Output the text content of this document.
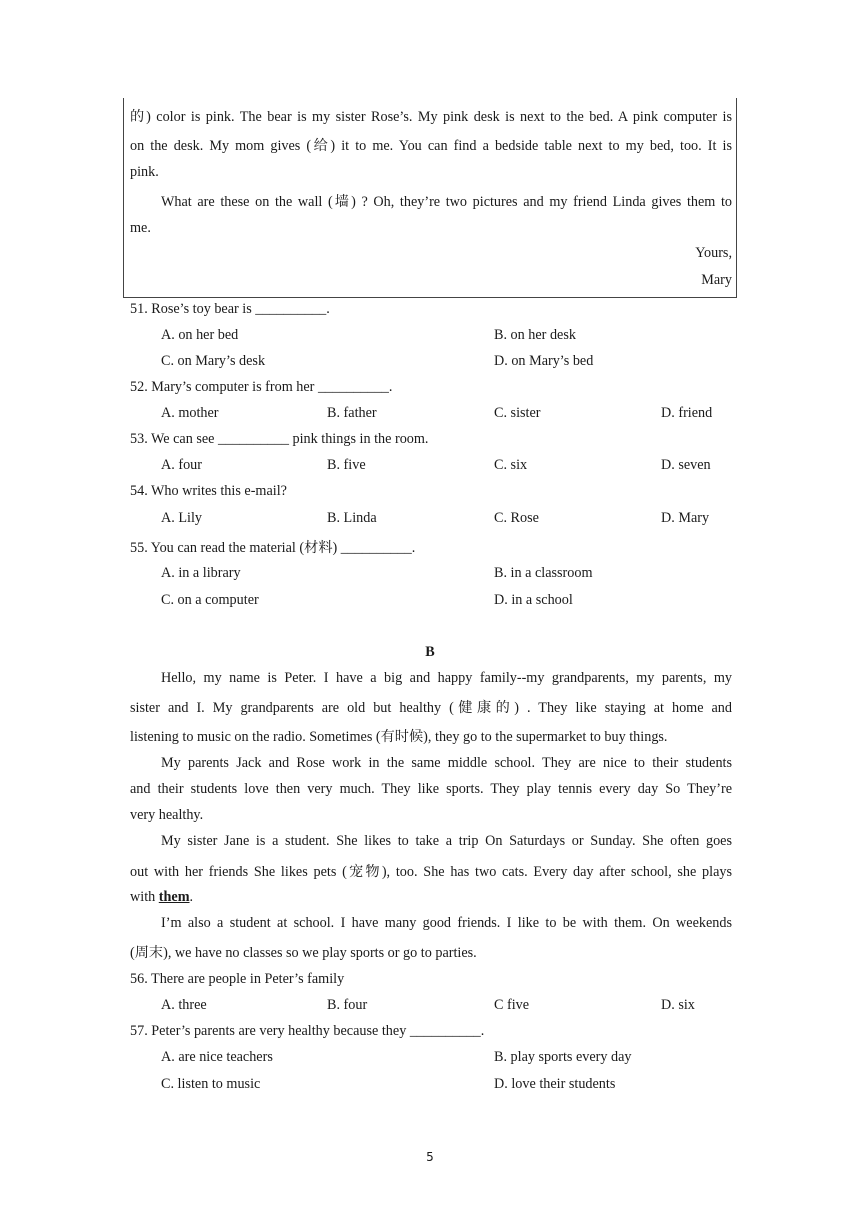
的) color is pink. The bear is my sister Rose’s. My pink desk is next to the bed. A pink computer is
on the desk. My mom gives (给) it to me. You can find a bedside table next to my bed, too. It is
pink.
What are these on the wall (墙) ? Oh, they’re two pictures and my friend Linda gives them to
me.
Yours,
Mary
51. Rose’s toy bear is __________.
A. on her bed	B. on her desk
C. on Mary’s desk	D. on Mary’s bed
52. Mary’s computer is from her __________.
A. mother	B. father	C. sister	D. friend
53. We can see __________ pink things in the room.
A. four	B. five	C. six	D. seven
54. Who writes this e-mail?
A. Lily	B. Linda	C. Rose	D. Mary
55. You can read the material (材料) __________.
A. in a library	B. in a classroom
C. on a computer	D. in a school
B
Hello, my name is Peter. I have a big and happy family--my grandparents, my parents, my
sister and I. My grandparents are old but healthy (健康的) . They like staying at home and
listening to music on the radio. Sometimes (有时候), they go to the supermarket to buy things.
My parents Jack and Rose work in the same middle school. They are nice to their students
and their students love then very much. They like sports. They play tennis every day So They’re
very healthy.
My sister Jane is a student. She likes to take a trip On Saturdays or Sunday. She often goes
out with her friends She likes pets (宠物), too. She has two cats. Every day after school, she plays
with them.
I’m also a student at school. I have many good friends. I like to be with them. On weekends
(周末), we have no classes so we play sports or go to parties.
56. There are people in Peter’s family
A. three	B. four	C five	D. six
57. Peter’s parents are very healthy because they __________.
A. are nice teachers	B. play sports every day
C. listen to music	D. love their students
5
